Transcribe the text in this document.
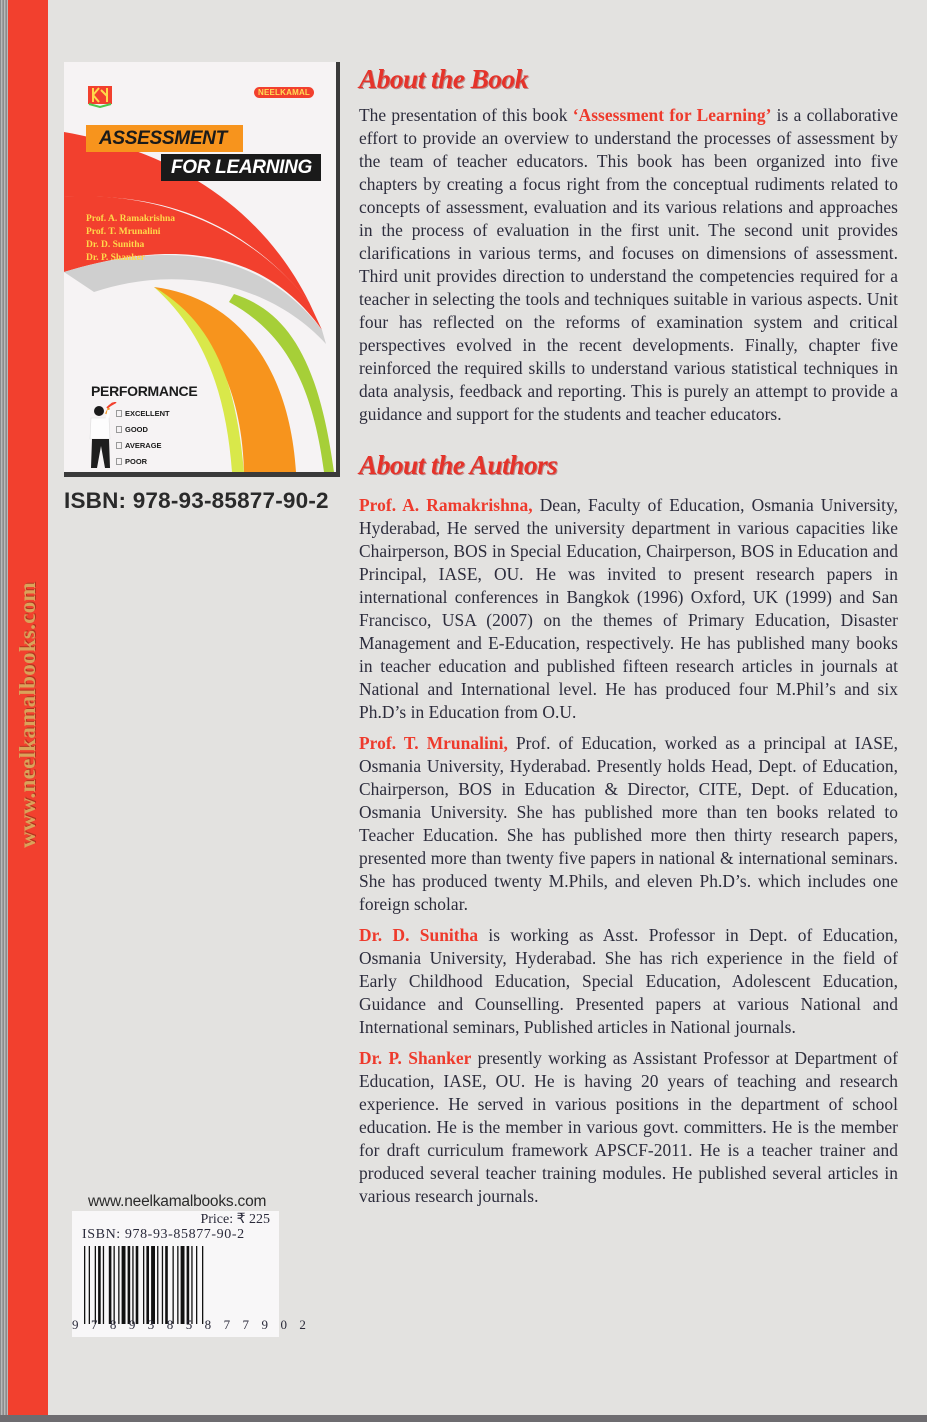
www.neelkamalbooks.com
NEELKAMAL
ASSESSMENT
FOR LEARNING
Prof. A. Ramakrishna
Prof. T. Mrunalini
Dr. D. Sunitha
Dr. P. Shanker
PERFORMANCE
EXCELLENT
GOOD
AVERAGE
POOR
ISBN: 978-93-85877-90-2
www.neelkamalbooks.com
Price: ₹ 225
ISBN: 978-93-85877-90-2
9 7 8 9 3 8 5 8 7 7 9 0 2
About the Book

The presentation of this book ‘Assessment for Learning’ is a collaborative effort to provide an overview to understand the processes of assessment by the team of teacher educators. This book has been organized into five chapters by creating a focus right from the conceptual rudiments related to concepts of assessment, evaluation and its various relations and approaches in the process of evaluation in the first unit. The second unit provides clarifications in various terms, and focuses on dimensions of assessment. Third unit provides direction to understand the competencies required for a teacher in selecting the tools and techniques suitable in various aspects. Unit four has reflected on the reforms of examination system and critical perspectives evolved in the recent developments. Finally, chapter five reinforced the required skills to understand various statistical techniques in data analysis, feedback and reporting. This is purely an attempt to provide a guidance and support for the students and teacher educators.

About the Authors

Prof. A. Ramakrishna, Dean, Faculty of Education, Osmania University, Hyderabad, He served the university department in various capacities like Chairperson, BOS in Special Education, Chairperson, BOS in Education and Principal, IASE, OU. He was invited to present research papers in international conferences in Bangkok (1996) Oxford, UK (1999) and San Francisco, USA (2007) on the themes of Primary Education, Disaster Management and E-Education, respectively. He has published many books in teacher education and published fifteen research articles in journals at National and International level. He has produced four M.Phil’s and six Ph.D’s in Education from O.U.

Prof. T. Mrunalini, Prof. of Education, worked as a principal at IASE, Osmania University, Hyderabad. Presently holds Head, Dept. of Education, Chairperson, BOS in Education & Director, CITE, Dept. of Education, Osmania University. She has published more than ten books related to Teacher Education. She has published more then thirty research papers, presented more than twenty five papers in national & international seminars. She has produced twenty M.Phils, and eleven Ph.D’s. which includes one foreign scholar.

Dr. D. Sunitha is working as Asst. Professor in Dept. of Education, Osmania University, Hyderabad. She has rich experience in the field of Early Childhood Education, Special Education, Adolescent Education, Guidance and Counselling. Presented papers at various National and International seminars, Published articles in National journals.

Dr. P. Shanker presently working as Assistant Professor at Department of Education, IASE, OU. He is having 20 years of teaching and research experience. He served in various positions in the department of school education. He is the member in various govt. committers. He is the member for draft curriculum framework APSCF-2011. He is a teacher trainer and produced several teacher training modules. He published several articles in various research journals.
